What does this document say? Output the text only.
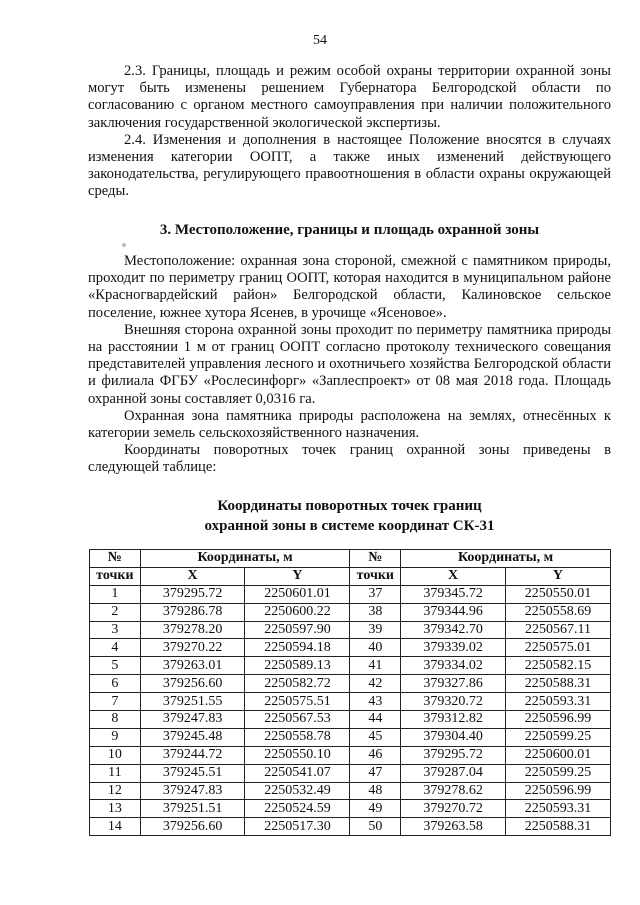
54

2.3. Границы, площадь и режим особой охраны территории охранной зоны могут быть изменены решением Губернатора Белгородской области по согласованию с органом местного самоуправления при наличии положительного заключения государственной экологической экспертизы.

2.4. Изменения и дополнения в настоящее Положение вносятся в случаях изменения категории ООПТ, а также иных изменений действующего законодательства, регулирующего правоотношения в области охраны окружающей среды.

3. Местоположение, границы и площадь охранной зоны

Местоположение: охранная зона стороной, смежной с памятником природы, проходит по периметру границ ООПТ, которая находится в муниципальном районе «Красногвардейский район» Белгородской области, Калиновское сельское поселение, южнее хутора Ясенев, в урочище «Ясеновое».

Внешняя сторона охранной зоны проходит по периметру памятника природы на расстоянии 1 м от границ ООПТ согласно протоколу технического совещания представителей управления лесного и охотничьего хозяйства Белгородской области и филиала ФГБУ «Рослесинфорг» «Заплеспроект» от 08 мая 2018 года. Площадь охранной зоны составляет 0,0316 га.

Охранная зона памятника природы расположена на землях, отнесённых к категории земель сельскохозяйственного назначения.

Координаты поворотных точек границ охранной зоны приведены в следующей таблице:

Координаты поворотных точек границ
охранной зоны в системе координат СК-31
№	Координаты, м		№	Координаты, м	
точки	X	Y	точки	X	Y
1	379295.72	2250601.01	37	379345.72	2250550.01
2	379286.78	2250600.22	38	379344.96	2250558.69
3	379278.20	2250597.90	39	379342.70	2250567.11
4	379270.22	2250594.18	40	379339.02	2250575.01
5	379263.01	2250589.13	41	379334.02	2250582.15
6	379256.60	2250582.72	42	379327.86	2250588.31
7	379251.55	2250575.51	43	379320.72	2250593.31
8	379247.83	2250567.53	44	379312.82	2250596.99
9	379245.48	2250558.78	45	379304.40	2250599.25
10	379244.72	2250550.10	46	379295.72	2250600.01
11	379245.51	2250541.07	47	379287.04	2250599.25
12	379247.83	2250532.49	48	379278.62	2250596.99
13	379251.51	2250524.59	49	379270.72	2250593.31
14	379256.60	2250517.30	50	379263.58	2250588.31
